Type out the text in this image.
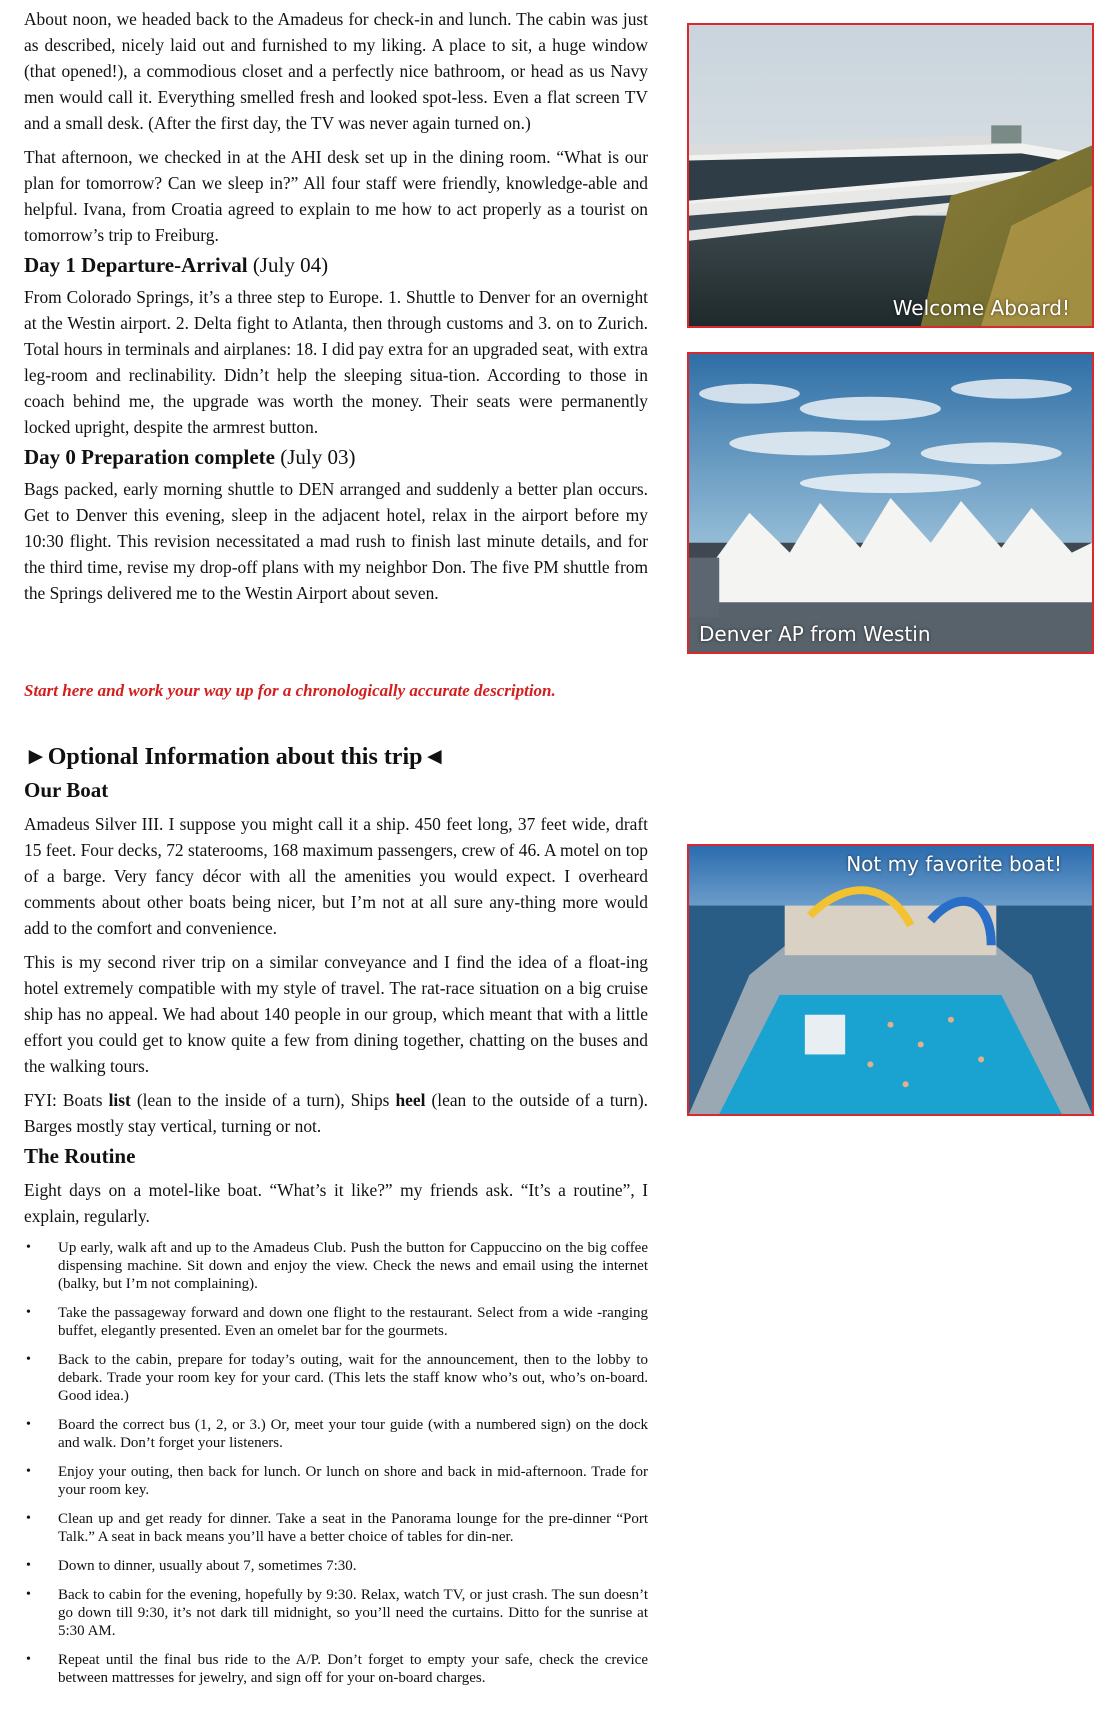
About noon, we headed back to the Amadeus for check-in and lunch. The cabin was just as described, nicely laid out and furnished to my liking. A place to sit, a huge window (that opened!), a commodious closet and a perfectly nice bathroom, or head as us Navy men would call it. Everything smelled fresh and looked spot-less. Even a flat screen TV and a small desk. (After the first day, the TV was never again turned on.)

That afternoon, we checked in at the AHI desk set up in the dining room. “What is our plan for tomorrow? Can we sleep in?” All four staff were friendly, knowledge-able and helpful. Ivana, from Croatia agreed to explain to me how to act properly as a tourist on tomorrow’s trip to Freiburg.

Day 1 Departure-Arrival (July 04)

From Colorado Springs, it’s a three step to Europe. 1. Shuttle to Denver for an overnight at the Westin airport. 2. Delta fight to Atlanta, then through customs and 3. on to Zurich. Total hours in terminals and airplanes: 18. I did pay extra for an upgraded seat, with extra leg-room and reclinability. Didn’t help the sleeping situa-tion. According to those in coach behind me, the upgrade was worth the money. Their seats were permanently locked upright, despite the armrest button.

Day 0 Preparation complete (July 03)

Bags packed, early morning shuttle to DEN arranged and suddenly a better plan occurs. Get to Denver this evening, sleep in the adjacent hotel, relax in the airport before my 10:30 flight. This revision necessitated a mad rush to finish last minute details, and for the third time, revise my drop-off plans with my neighbor Don. The five PM shuttle from the Springs delivered me to the Westin Airport about seven.

Start here and work your way up for a chronologically accurate description.
►Optional Information about this trip◄
Our Boat

Amadeus Silver III. I suppose you might call it a ship. 450 feet long, 37 feet wide, draft 15 feet. Four decks, 72 staterooms, 168 maximum passengers, crew of 46. A motel on top of a barge. Very fancy décor with all the amenities you would expect. I overheard comments about other boats being nicer, but I’m not at all sure any-thing more would add to the comfort and convenience.

This is my second river trip on a similar conveyance and I find the idea of a float-ing hotel extremely compatible with my style of travel. The rat-race situation on a big cruise ship has no appeal. We had about 140 people in our group, which meant that with a little effort you could get to know quite a few from dining together, chatting on the buses and the walking tours.

FYI: Boats list (lean to the inside of a turn), Ships heel (lean to the outside of a turn). Barges mostly stay vertical, turning or not.

The Routine

Eight days on a motel-like boat. “What’s it like?” my friends ask. “It’s a routine”, I explain, regularly.

• Up early, walk aft and up to the Amadeus Club. Push the button for Cappuccino on the big coffee dispensing machine. Sit down and enjoy the view. Check the news and email using the internet (balky, but I’m not complaining).
• Take the passageway forward and down one flight to the restaurant. Select from a wide -ranging buffet, elegantly presented. Even an omelet bar for the gourmets.
• Back to the cabin, prepare for today’s outing, wait for the announcement, then to the lobby to debark. Trade your room key for your card. (This lets the staff know who’s out, who’s on-board. Good idea.)
• Board the correct bus (1, 2, or 3.) Or, meet your tour guide (with a numbered sign) on the dock and walk. Don’t forget your listeners.
• Enjoy your outing, then back for lunch. Or lunch on shore and back in mid-afternoon. Trade for your room key.
• Clean up and get ready for dinner. Take a seat in the Panorama lounge for the pre-dinner “Port Talk.” A seat in back means you’ll have a better choice of tables for din-ner.
• Down to dinner, usually about 7, sometimes 7:30.
• Back to cabin for the evening, hopefully by 9:30. Relax, watch TV, or just crash. The sun doesn’t go down till 9:30, it’s not dark till midnight, so you’ll need the curtains. Ditto for the sunrise at 5:30 AM.
• Repeat until the final bus ride to the A/P. Don’t forget to empty your safe, check the crevice between mattresses for jewelry, and sign off for your on-board charges.
Welcome Aboard!
Denver AP from Westin
Not my favorite boat!
